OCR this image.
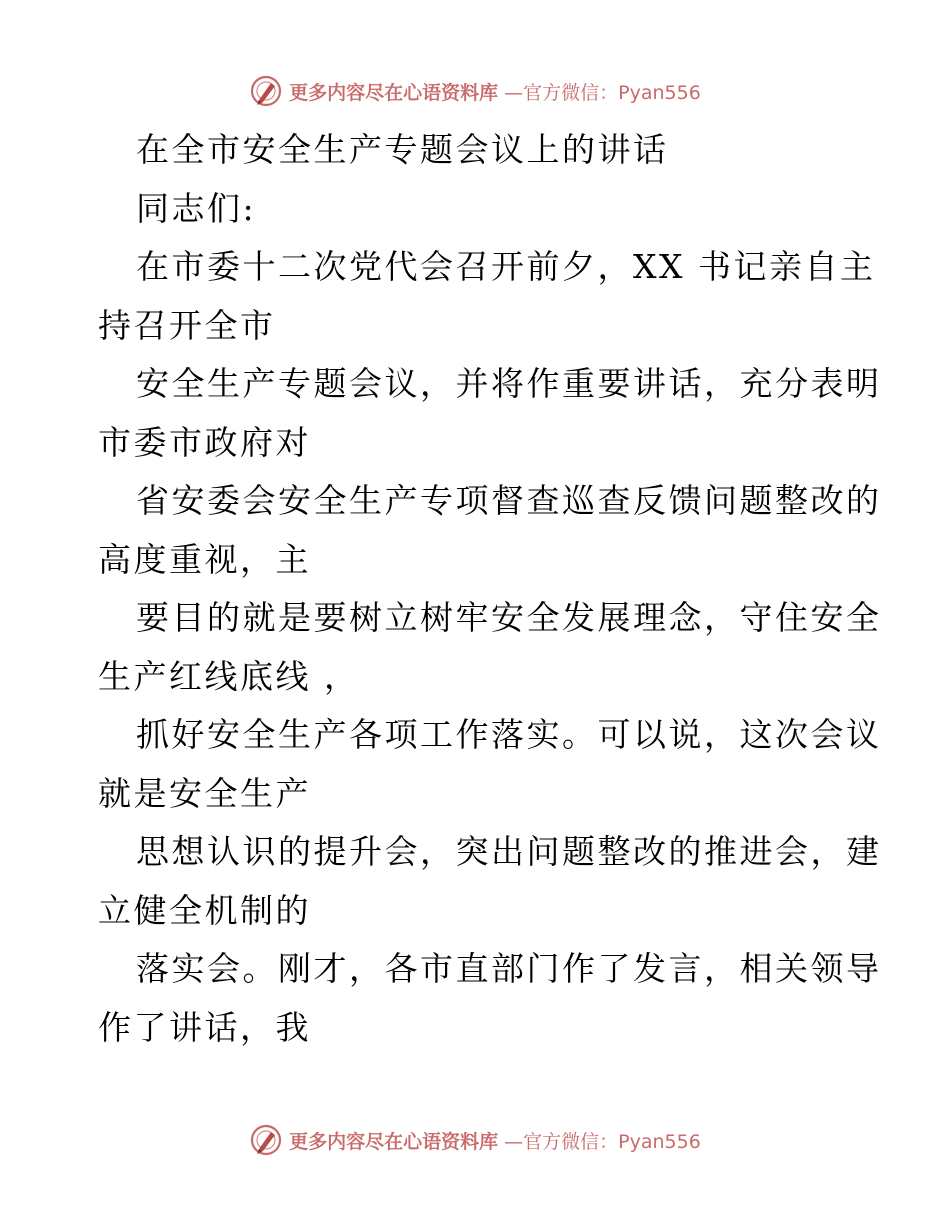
更多内容尽在心语资料库 —官方微信：Pyan556
在全市安全生产专题会议上的讲话
同志们:
在市委十二次党代会召开前夕，XX 书记亲自主
持召开全市
安全生产专题会议，并将作重要讲话，充分表明
市委市政府对
省安委会安全生产专项督查巡查反馈问题整改的
高度重视，主
要目的就是要树立树牢安全发展理念，守住安全
生产红线底线 ，
抓好安全生产各项工作落实。可以说，这次会议
就是安全生产
思想认识的提升会，突出问题整改的推进会，建
立健全机制的
落实会。刚才，各市直部门作了发言，相关领导
作了讲话，我
更多内容尽在心语资料库 —官方微信：Pyan556
